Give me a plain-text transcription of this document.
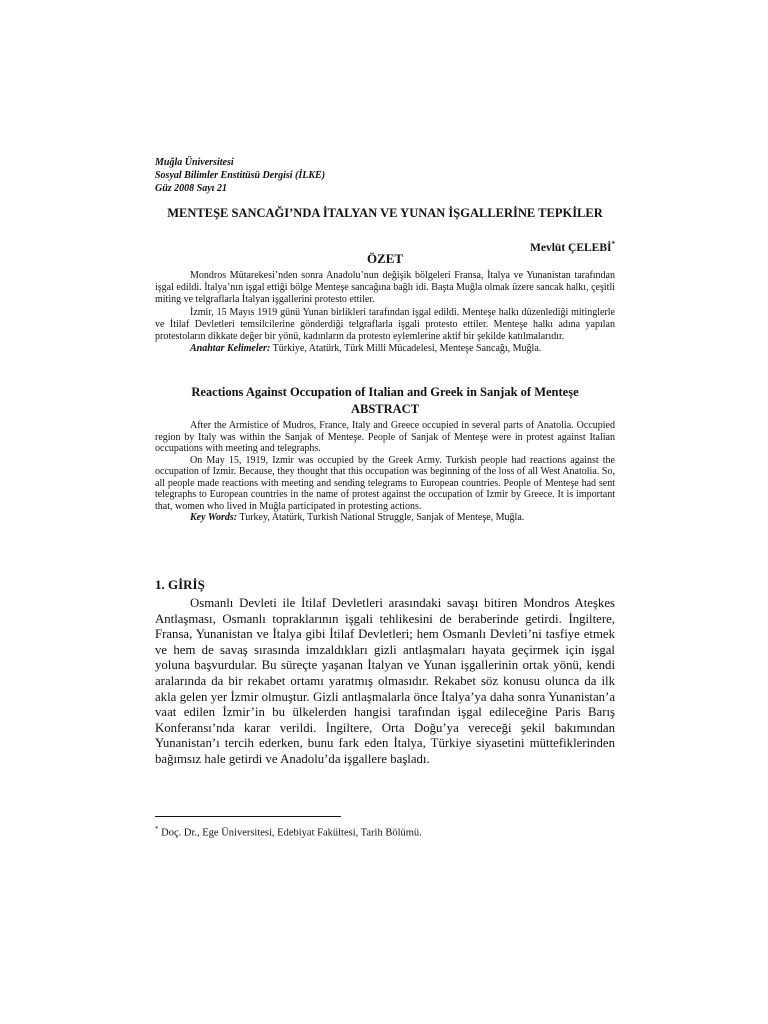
Muğla Üniversitesi
Sosyal Bilimler Enstitüsü Dergisi (İLKE)
Güz 2008 Sayı 21
MENTEŞE SANCAĞI’NDA İTALYAN VE YUNAN İŞGALLERİNE TEPKİLER
Mevlüt ÇELEBİ*
ÖZET

Mondros Mütarekesi’nden sonra Anadolu’nun değişik bölgeleri Fransa, İtalya ve Yunanistan tarafından işgal edildi. İtalya’nın işgal ettiği bölge Menteşe sancağına bağlı idi. Başta Muğla olmak üzere sancak halkı, çeşitli miting ve telgraflarla İtalyan işgallerini protesto ettiler.

İzmir, 15 Mayıs 1919 günü Yunan birlikleri tarafından işgal edildi. Menteşe halkı düzenlediği mitinglerle ve İtilaf Devletleri temsilcilerine gönderdiği telgraflarla işgali protesto ettiler. Menteşe halkı adına yapılan protestoların dikkate değer bir yönü, kadınların da protesto eylemlerine aktif bir şekilde katılmalarıdır.

Anahtar Kelimeler: Türkiye, Atatürk, Türk Milli Mücadelesi, Menteşe Sancağı, Muğla.

Reactions Against Occupation of Italian and Greek in Sanjak of Menteşe
ABSTRACT

After the Armistice of Mudros, France, Italy and Greece occupied in several parts of Anatolia. Occupied region by Italy was within the Sanjak of Menteşe. People of Sanjak of Menteşe were in protest against Italian occupations with meeting and telegraphs.

On May 15, 1919, Izmir was occupied by the Greek Army. Turkish people had reactions against the occupation of Izmir. Because, they thought that this occupation was beginning of the loss of all West Anatolia. So, all people made reactions with meeting and sending telegrams to European countries. People of Menteşe had sent telegraphs to European countries in the name of protest against the occupation of Izmir by Greece. It is important that, women who lived in Muğla participated in protesting actions.

Key Words: Turkey, Atatürk, Turkish National Struggle, Sanjak of Menteşe, Muğla.

1. GİRİŞ

Osmanlı Devleti ile İtilaf Devletleri arasındaki savaşı bitiren Mondros Ateşkes Antlaşması, Osmanlı topraklarının işgali tehlikesini de beraberinde getirdi. İngiltere, Fransa, Yunanistan ve İtalya gibi İtilaf Devletleri; hem Osmanlı Devleti’ni tasfiye etmek ve hem de savaş sırasında imzaldıkları gizli antlaşmaları hayata geçirmek için işgal yoluna başvurdular. Bu süreçte yaşanan İtalyan ve Yunan işgallerinin ortak yönü, kendi aralarında da bir rekabet ortamı yaratmış olmasıdır. Rekabet söz konusu olunca da ilk akla gelen yer İzmir olmuştur. Gizli antlaşmalarla önce İtalya’ya daha sonra Yunanistan’a vaat edilen İzmir’in bu ülkelerden hangisi tarafından işgal edileceğine Paris Barış Konferansı’nda karar verildi. İngiltere, Orta Doğu’ya vereceği şekil bakımından Yunanistan’ı tercih ederken, bunu fark eden İtalya, Türkiye siyasetini müttefiklerinden bağımsız hale getirdi ve Anadolu’da işgallere başladı.

* Doç. Dr., Ege Üniversitesi, Edebiyat Fakültesi, Tarih Bölümü.
